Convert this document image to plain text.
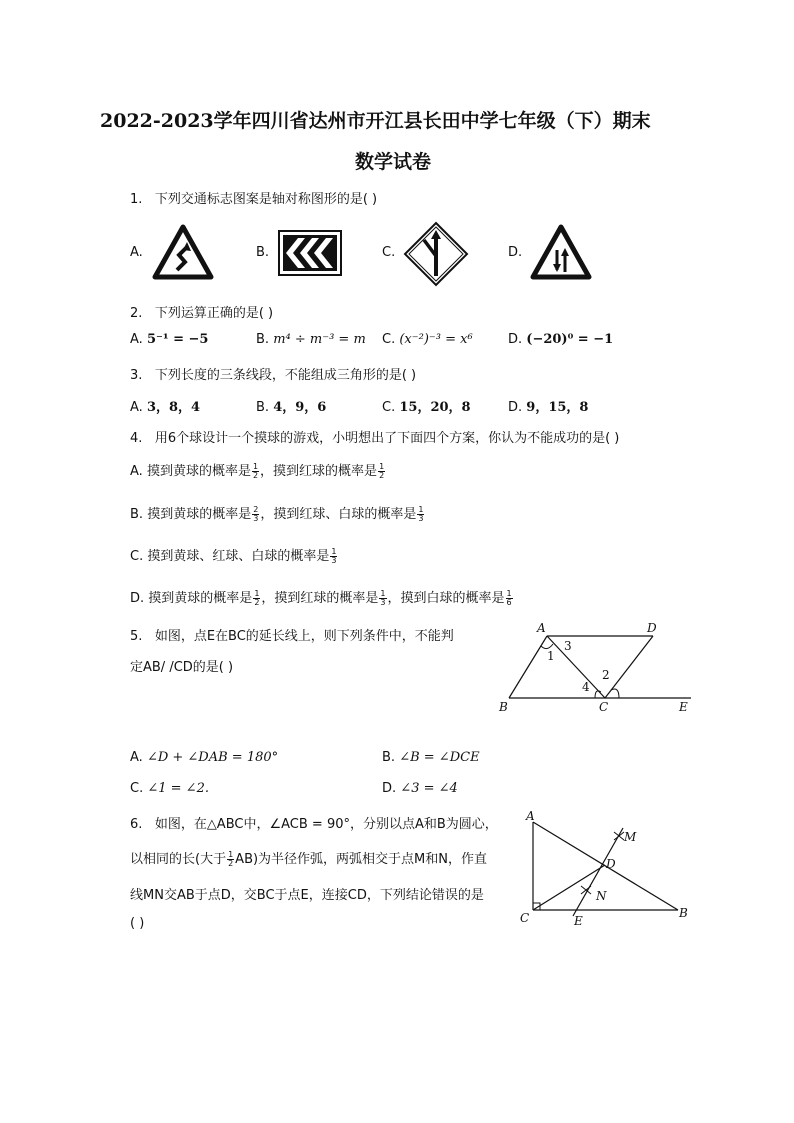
2022-2023学年四川省达州市开江县长田中学七年级（下）期末
数学试卷
1. 下列交通标志图案是轴对称图形的是( )
A.	B.	C.	D.
2. 下列运算正确的是( )
A. 5⁻¹ = −5	B. m⁴ ÷ m⁻³ = m C. (x⁻²)⁻³ = x⁶	D. (−20)⁰ = −1
3. 下列长度的三条线段，不能组成三角形的是( )
A. 3，8，4	B. 4，9，6	C. 15，20，8	D. 9，15，8
4. 用6个球设计一个摸球的游戏，小明想出了下面四个方案，你认为不能成功的是( )
A. 摸到黄球的概率是 $\frac{1}{2}$ ，摸到红球的概率是 $\frac{1}{2}$
B. 摸到黄球的概率是 $\frac{2}{3}$ ，摸到红球、白球的概率是 $\frac{1}{3}$
C. 摸到黄球、红球、白球的概率是 $\frac{1}{3}$
D. 摸到黄球的概率是 $\frac{1}{2}$ ，摸到红球的概率是 $\frac{1}{3}$ ，摸到白球的概率是 $\frac{1}{6}$
5. 如图，点E在BC的延长线上，则下列条件中，不能判
定AB/ /CD的是( )
A	D
B	C	E
1
3
2
4
A. ∠D + ∠DAB = 180°	B. ∠B = ∠DCE
C. ∠1 = ∠2.	D. ∠3 = ∠4
6. 如图，在△ABC中，∠ACB = 90°，分别以点A和B为圆心，
以相同的长(大于 $\frac{1}{2} AB$)为半径作弧，两弧相交于点M和N，作直
线MN交AB于点D，交BC于点E，连接CD，下列结论错误的是
( )
A
M
D
N
C	E
B
